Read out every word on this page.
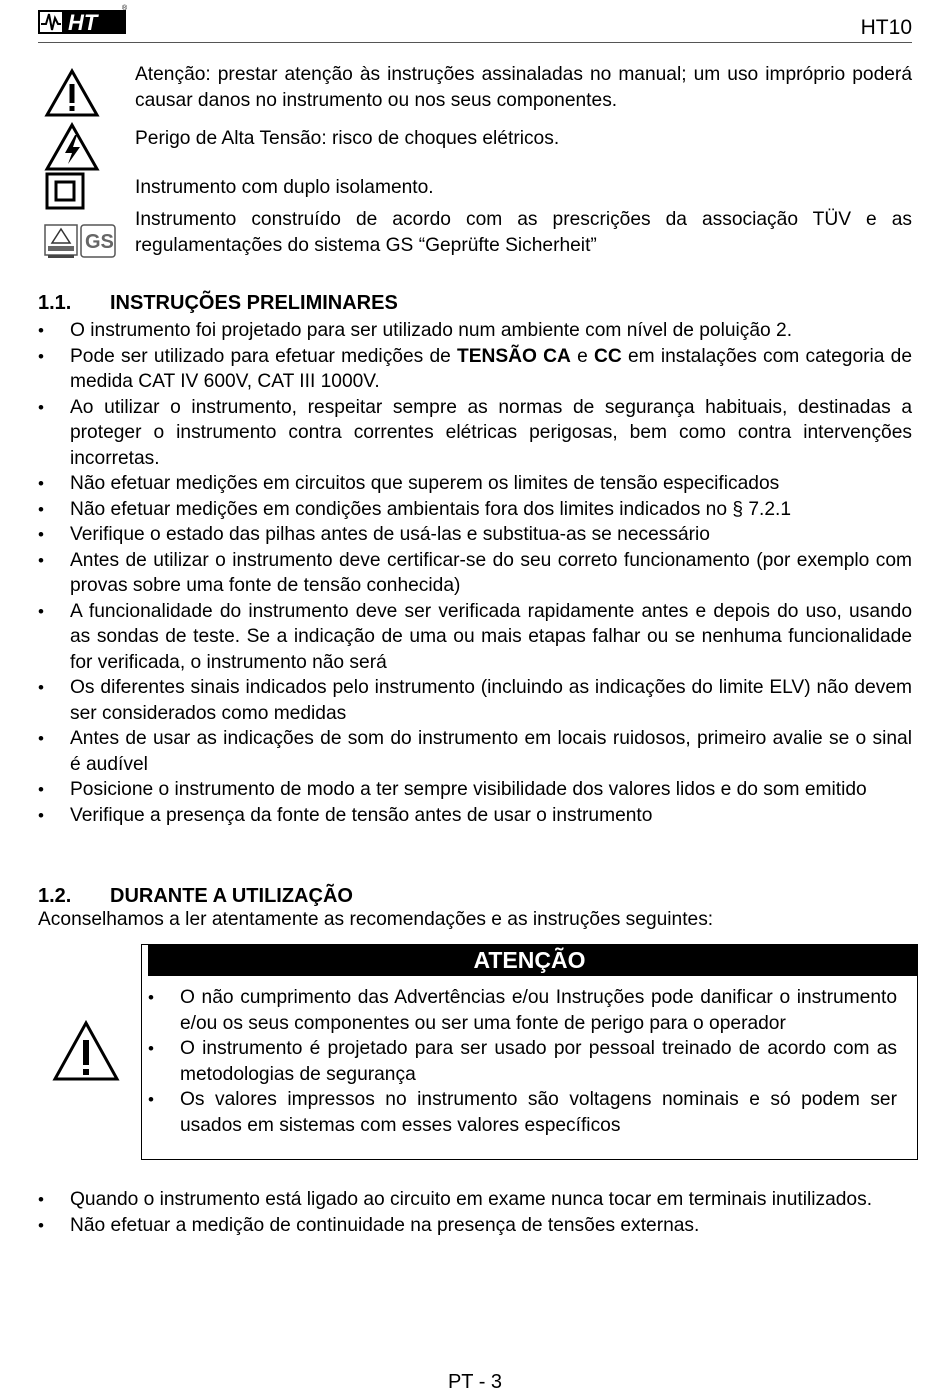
HT
®
HT10
Atenção: prestar atenção às instruções assinaladas no manual; um uso impróprio poderá causar danos no instrumento ou nos seus componentes.
Perigo de Alta Tensão: risco de choques elétricos.
Instrumento com duplo isolamento.
GS
Instrumento construído de acordo com as prescrições da associação TÜV e as regulamentações do sistema GS “Geprüfte Sicherheit”
1.1. INSTRUÇÕES PRELIMINARES
• O instrumento foi projetado para ser utilizado num ambiente com nível de poluição 2.
• Pode ser utilizado para efetuar medições de TENSÃO CA e CC em instalações com categoria de medida CAT IV 600V, CAT III 1000V.
• Ao utilizar o instrumento, respeitar sempre as normas de segurança habituais, destinadas a proteger o instrumento contra correntes elétricas perigosas, bem como contra intervenções incorretas.
• Não efetuar medições em circuitos que superem os limites de tensão especificados
• Não efetuar medições em condições ambientais fora dos limites indicados no § 7.2.1
• Verifique o estado das pilhas antes de usá-las e substitua-as se necessário
• Antes de utilizar o instrumento deve certificar-se do seu correto funcionamento (por exemplo com provas sobre uma fonte de tensão conhecida)
• A funcionalidade do instrumento deve ser verificada rapidamente antes e depois do uso, usando as sondas de teste. Se a indicação de uma ou mais etapas falhar ou se nenhuma funcionalidade for verificada, o instrumento não será
• Os diferentes sinais indicados pelo instrumento (incluindo as indicações do limite ELV) não devem ser considerados como medidas
• Antes de usar as indicações de som do instrumento em locais ruidosos, primeiro avalie se o sinal é audível
• Posicione o instrumento de modo a ter sempre visibilidade dos valores lidos e do som emitido
• Verifique a presença da fonte de tensão antes de usar o instrumento
1.2. DURANTE A UTILIZAÇÃO
Aconselhamos a ler atentamente as recomendações e as instruções seguintes:
ATENÇÃO
• O não cumprimento das Advertências e/ou Instruções pode danificar o instrumento e/ou os seus componentes ou ser uma fonte de perigo para o operador
• O instrumento é projetado para ser usado por pessoal treinado de acordo com as metodologias de segurança
• Os valores impressos no instrumento são voltagens nominais e só podem ser usados em sistemas com esses valores específicos
• Quando o instrumento está ligado ao circuito em exame nunca tocar em terminais inutilizados.
• Não efetuar a medição de continuidade na presença de tensões externas.
PT - 3
